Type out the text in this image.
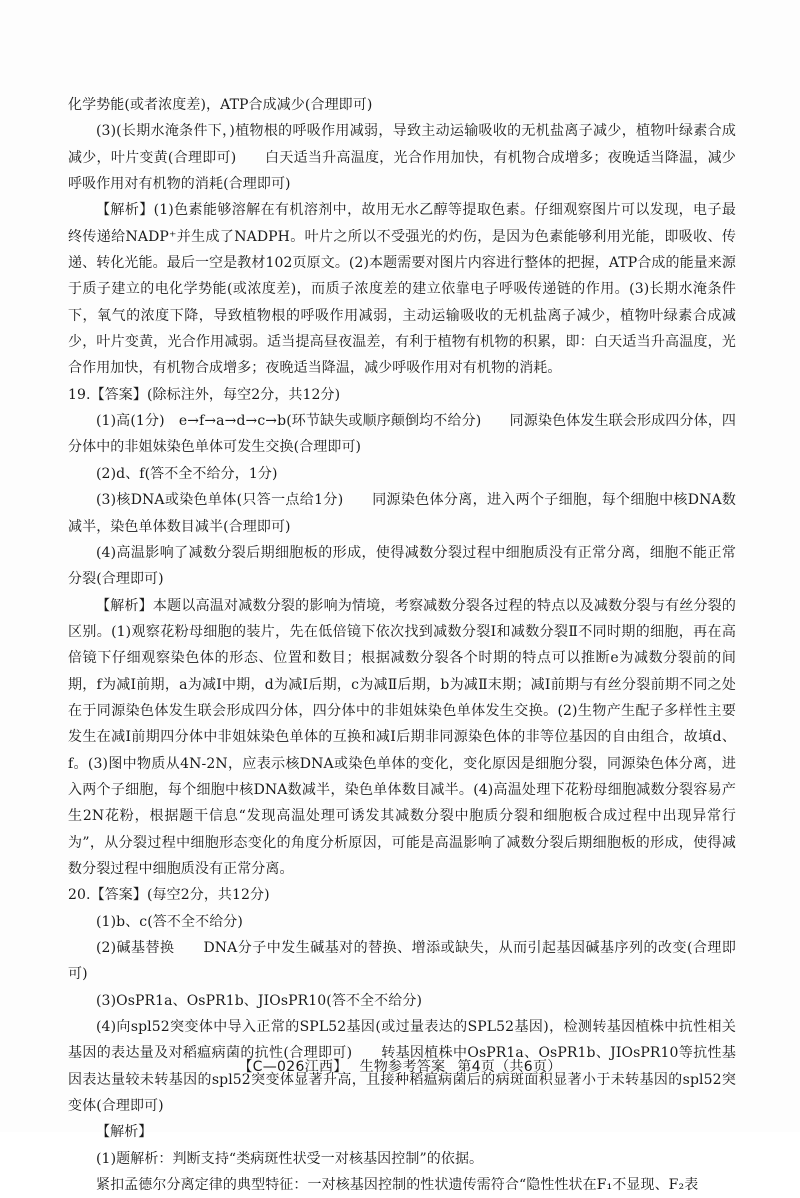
化学势能(或者浓度差)，ATP合成减少(合理即可)

(3)(长期水淹条件下，)植物根的呼吸作用减弱，导致主动运输吸收的无机盐离子减少，植物叶绿素合成减少，叶片变黄(合理即可)　　白天适当升高温度，光合作用加快，有机物合成增多；夜晚适当降温，减少呼吸作用对有机物的消耗(合理即可)

【解析】(1)色素能够溶解在有机溶剂中，故用无水乙醇等提取色素。仔细观察图片可以发现，电子最终传递给NADP⁺并生成了NADPH。叶片之所以不受强光的灼伤，是因为色素能够利用光能，即吸收、传递、转化光能。最后一空是教材102页原文。(2)本题需要对图片内容进行整体的把握，ATP合成的能量来源于质子建立的电化学势能(或浓度差)，而质子浓度差的建立依靠电子呼吸传递链的作用。(3)长期水淹条件下，氧气的浓度下降，导致植物根的呼吸作用减弱，主动运输吸收的无机盐离子减少，植物叶绿素合成减少，叶片变黄，光合作用减弱。适当提高昼夜温差，有利于植物有机物的积累，即：白天适当升高温度，光合作用加快，有机物合成增多；夜晚适当降温，减少呼吸作用对有机物的消耗。

19.【答案】(除标注外，每空2分，共12分)

(1)高(1分)　e→f→a→d→c→b(环节缺失或顺序颠倒均不给分)　　同源染色体发生联会形成四分体，四分体中的非姐妹染色单体可发生交换(合理即可)

(2)d、f(答不全不给分，1分)

(3)核DNA或染色单体(只答一点给1分)　　同源染色体分离，进入两个子细胞，每个细胞中核DNA数减半，染色单体数目减半(合理即可)

(4)高温影响了减数分裂后期细胞板的形成，使得减数分裂过程中细胞质没有正常分离，细胞不能正常分裂(合理即可)

【解析】本题以高温对减数分裂的影响为情境，考察减数分裂各过程的特点以及减数分裂与有丝分裂的区别。(1)观察花粉母细胞的装片，先在低倍镜下依次找到减数分裂Ⅰ和减数分裂Ⅱ不同时期的细胞，再在高倍镜下仔细观察染色体的形态、位置和数目；根据减数分裂各个时期的特点可以推断e为减数分裂前的间期，f为减Ⅰ前期，a为减Ⅰ中期，d为减Ⅰ后期，c为减Ⅱ后期，b为减Ⅱ末期；减Ⅰ前期与有丝分裂前期不同之处在于同源染色体发生联会形成四分体，四分体中的非姐妹染色单体发生交换。(2)生物产生配子多样性主要发生在减Ⅰ前期四分体中非姐妹染色单体的互换和减Ⅰ后期非同源染色体的非等位基因的自由组合，故填d、f。(3)图中物质从4N-2N，应表示核DNA或染色单体的变化，变化原因是细胞分裂，同源染色体分离，进入两个子细胞，每个细胞中核DNA数减半，染色单体数目减半。(4)高温处理下花粉母细胞减数分裂容易产生2N花粉，根据题干信息“发现高温处理可诱发其减数分裂中胞质分裂和细胞板合成过程中出现异常行为”，从分裂过程中细胞形态变化的角度分析原因，可能是高温影响了减数分裂后期细胞板的形成，使得减数分裂过程中细胞质没有正常分离。

20.【答案】(每空2分，共12分)

(1)b、c(答不全不给分)

(2)碱基替换　　DNA分子中发生碱基对的替换、增添或缺失，从而引起基因碱基序列的改变(合理即可)

(3)OsPR1a、OsPR1b、JIOsPR10(答不全不给分)

(4)向spl52突变体中导入正常的SPL52基因(或过量表达的SPL52基因)，检测转基因植株中抗性相关基因的表达量及对稻瘟病菌的抗性(合理即可)　　转基因植株中OsPR1a、OsPR1b、JIOsPR10等抗性基因表达量较未转基因的spl52突变体显著升高，且接种稻瘟病菌后的病斑面积显著小于未转基因的spl52突变体(合理即可)

【解析】

(1)题解析：判断支持“类病斑性状受一对核基因控制”的依据。

紧扣孟德尔分离定律的典型特征：一对核基因控制的性状遗传需符合“隐性性状在F₁不显现、F₂表

【C—026江西】 生物参考答案 第4页（共6页）
